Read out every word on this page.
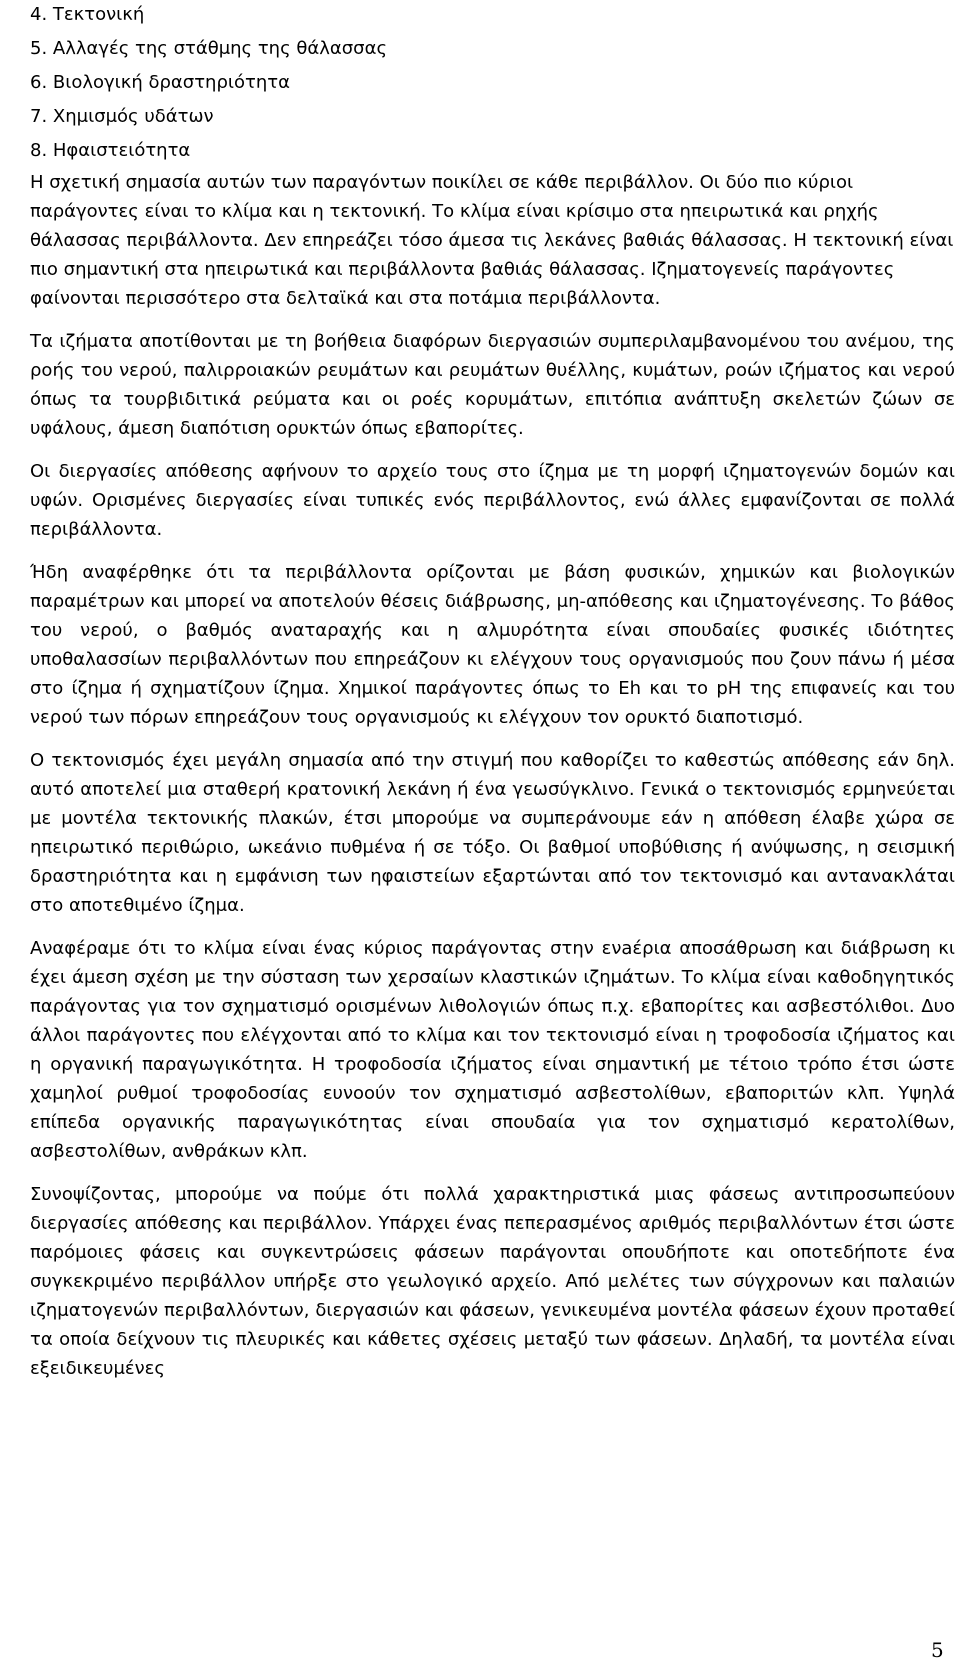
4. Τεκτονική
5. Αλλαγές της στάθμης της θάλασσας
6. Βιολογική δραστηριότητα
7. Χημισμός υδάτων
8. Ηφαιστειότητα

Η σχετική σημασία αυτών των παραγόντων ποικίλει σε κάθε περιβάλλον. Οι δύο πιο κύριοι παράγοντες είναι το κλίμα και η τεκτονική. Το κλίμα είναι κρίσιμο στα ηπειρωτικά και ρηχής θάλασσας περιβάλλοντα. Δεν επηρεάζει τόσο άμεσα τις λεκάνες βαθιάς θάλασσας. Η τεκτονική είναι πιο σημαντική στα ηπειρωτικά και περιβάλλοντα βαθιάς θάλασσας. Ιζηματογενείς παράγοντες φαίνονται περισσότερο στα δελταϊκά και στα ποτάμια περιβάλλοντα.

Τα ιζήματα αποτίθονται με τη βοήθεια διαφόρων διεργασιών συμπεριλαμβανομένου του ανέμου, της ροής του νερού, παλιρροιακών ρευμάτων και ρευμάτων θυέλλης, κυμάτων, ροών ιζήματος και νερού όπως τα τουρβιδιτικά ρεύματα και οι ροές κορυμάτων, επιτόπια ανάπτυξη σκελετών ζώων σε υφάλους, άμεση διαπότιση ορυκτών όπως εβαπορίτες.

Οι διεργασίες απόθεσης αφήνουν το αρχείο τους στο ίζημα με τη μορφή ιζηματογενών δομών και υφών. Ορισμένες διεργασίες είναι τυπικές ενός περιβάλλοντος, ενώ άλλες εμφανίζονται σε πολλά περιβάλλοντα.

Ήδη αναφέρθηκε ότι τα περιβάλλοντα ορίζονται με βάση φυσικών, χημικών και βιολογικών παραμέτρων και μπορεί να αποτελούν θέσεις διάβρωσης, μη-απόθεσης και ιζηματογένεσης. Το βάθος του νερού, ο βαθμός αναταραχής και η αλμυρότητα είναι σπουδαίες φυσικές ιδιότητες υποθαλασσίων περιβαλλόντων που επηρεάζουν κι ελέγχουν τους οργανισμούς που ζουν πάνω ή μέσα στο ίζημα ή σχηματίζουν ίζημα. Χημικοί παράγοντες όπως το Eh και το pH της επιφανείς και του νερού των πόρων επηρεάζουν τους οργανισμούς κι ελέγχουν τον ορυκτό διαποτισμό.

Ο τεκτονισμός έχει μεγάλη σημασία από την στιγμή που καθορίζει το καθεστώς απόθεσης εάν δηλ. αυτό αποτελεί μια σταθερή κρατονική λεκάνη ή ένα γεωσύγκλινο. Γενικά ο τεκτονισμός ερμηνεύεται με μοντέλα τεκτονικής πλακών, έτσι μπορούμε να συμπεράνουμε εάν η απόθεση έλαβε χώρα σε ηπειρωτικό περιθώριο, ωκεάνιο πυθμένα ή σε τόξο. Οι βαθμοί υποβύθισης ή ανύψωσης, η σεισμική δραστηριότητα και η εμφάνιση των ηφαιστείων εξαρτώνται από τον τεκτονισμό και αντανακλάται στο αποτεθιμένο ίζημα.

Αναφέραμε ότι το κλίμα είναι ένας κύριος παράγοντας στην ενaέρια αποσάθρωση και διάβρωση κι έχει άμεση σχέση με την σύσταση των χερσαίων κλαστικών ιζημάτων. Το κλίμα είναι καθοδηγητικός παράγοντας για τον σχηματισμό ορισμένων λιθολογιών όπως π.χ. εβαπορίτες και ασβεστόλιθοι. Δυο άλλοι παράγοντες που ελέγχονται από το κλίμα και τον τεκτονισμό είναι η τροφοδοσία ιζήματος και η οργανική παραγωγικότητα. Η τροφοδοσία ιζήματος είναι σημαντική με τέτοιο τρόπο έτσι ώστε χαμηλοί ρυθμοί τροφοδοσίας ευνοούν τον σχηματισμό ασβεστολίθων, εβαποριτών κλπ. Υψηλά επίπεδα οργανικής παραγωγικότητας είναι σπουδαία για τον σχηματισμό κερατολίθων, ασβεστολίθων, ανθράκων κλπ.

Συνοψίζοντας, μπορούμε να πούμε ότι πολλά χαρακτηριστικά μιας φάσεως αντιπροσωπεύουν διεργασίες απόθεσης και περιβάλλον. Υπάρχει ένας πεπερασμένος αριθμός περιβαλλόντων έτσι ώστε παρόμοιες φάσεις και συγκεντρώσεις φάσεων παράγονται οπουδήποτε και οποτεδήποτε ένα συγκεκριμένο περιβάλλον υπήρξε στο γεωλογικό αρχείο. Από μελέτες των σύγχρονων και παλαιών ιζηματογενών περιβαλλόντων, διεργασιών και φάσεων, γενικευμένα μοντέλα φάσεων έχουν προταθεί τα οποία δείχνουν τις πλευρικές και κάθετες σχέσεις μεταξύ των φάσεων. Δηλαδή, τα μοντέλα είναι εξειδικευμένες

5
